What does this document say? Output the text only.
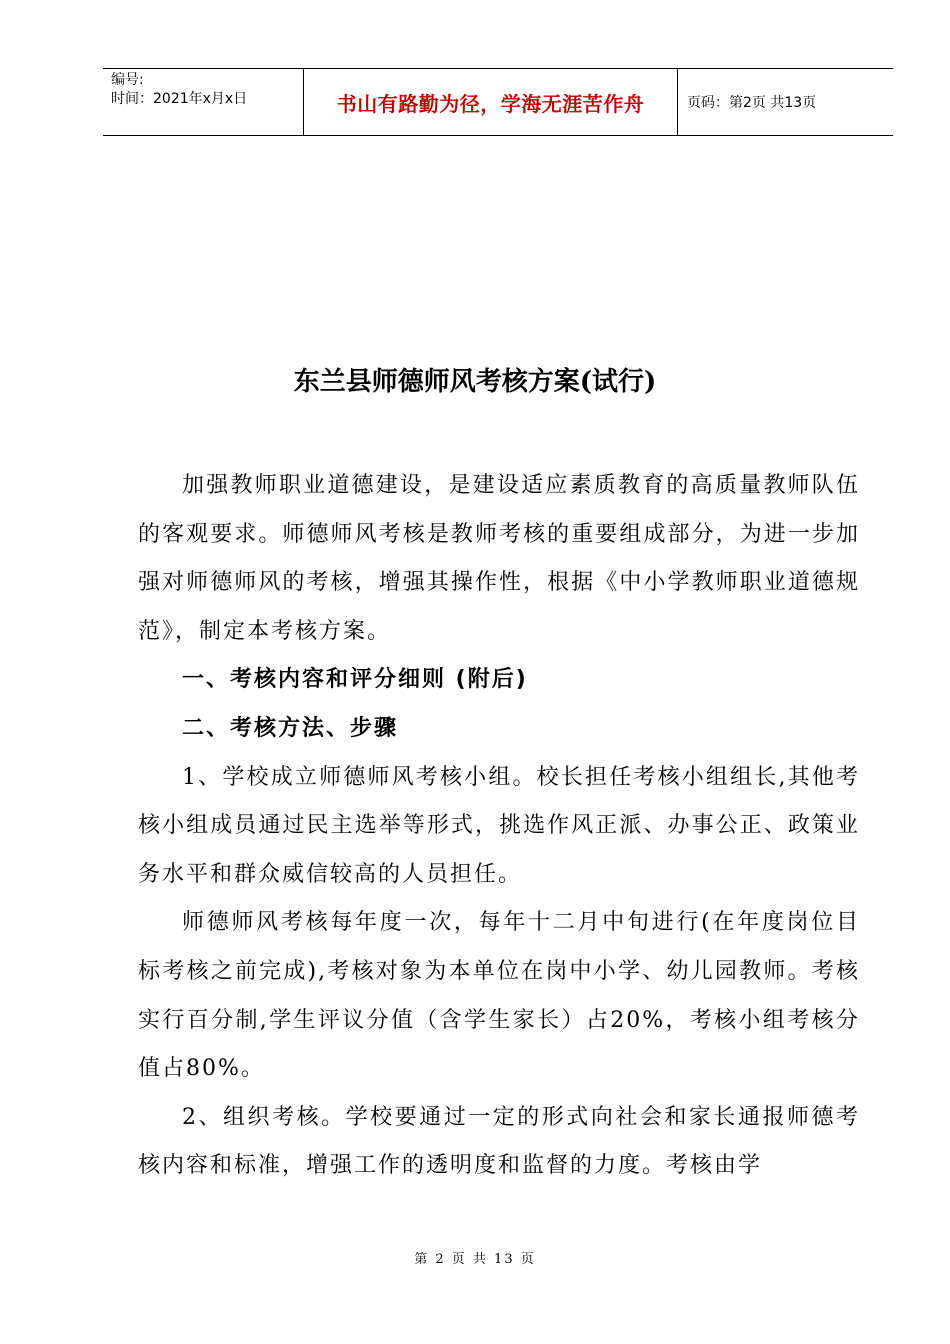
编号:
时间：2021年x月x日	书山有路勤为径，学海无涯苦作舟	页码：第2页 共13页
东兰县师德师风考核方案(试行)

加强教师职业道德建设，是建设适应素质教育的高质量教师队伍的客观要求。师德师风考核是教师考核的重要组成部分，为进一步加强对师德师风的考核，增强其操作性，根据《中小学教师职业道德规范》，制定本考核方案。

一、考核内容和评分细则 (附后)

二、考核方法、步骤

1、学校成立师德师风考核小组。校长担任考核小组组长,其他考核小组成员通过民主选举等形式，挑选作风正派、办事公正、政策业务水平和群众威信较高的人员担任。

师德师风考核每年度一次，每年十二月中旬进行(在年度岗位目标考核之前完成),考核对象为本单位在岗中小学、幼儿园教师。考核实行百分制,学生评议分值（含学生家长）占20%，考核小组考核分值占80%。

2、组织考核。学校要通过一定的形式向社会和家长通报师德考核内容和标准，增强工作的透明度和监督的力度。考核由学

第 2 页 共 13 页
